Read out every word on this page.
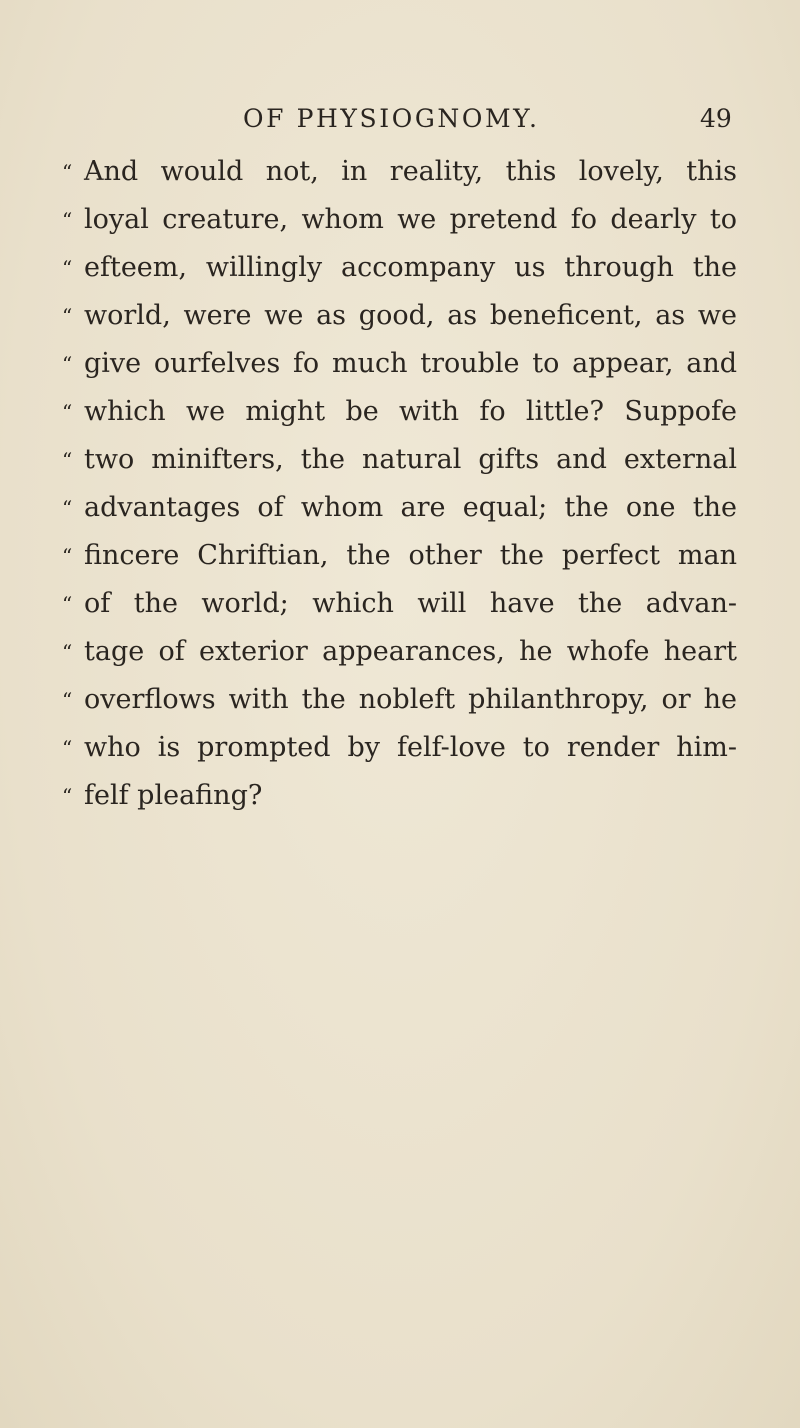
OF PHYSIOGNOMY.	49
“ And would not, in reality, this lovely, this
“ loyal creature, whom we pretend fo dearly to
“ efteem, willingly accompany us through the
“ world, were we as good, as beneficent, as we
“ give ourfelves fo much trouble to appear, and
“ which we might be with fo little? Suppofe
“ two minifters, the natural gifts and external
“ advantages of whom are equal; the one the
“ fincere Chriftian, the other the perfect man
“ of the world; which will have the advan-
“ tage of exterior appearances, he whofe heart
“ overflows with the nobleft philanthropy, or he
“ who is prompted by felf-love to render him-
“ felf pleafing?
